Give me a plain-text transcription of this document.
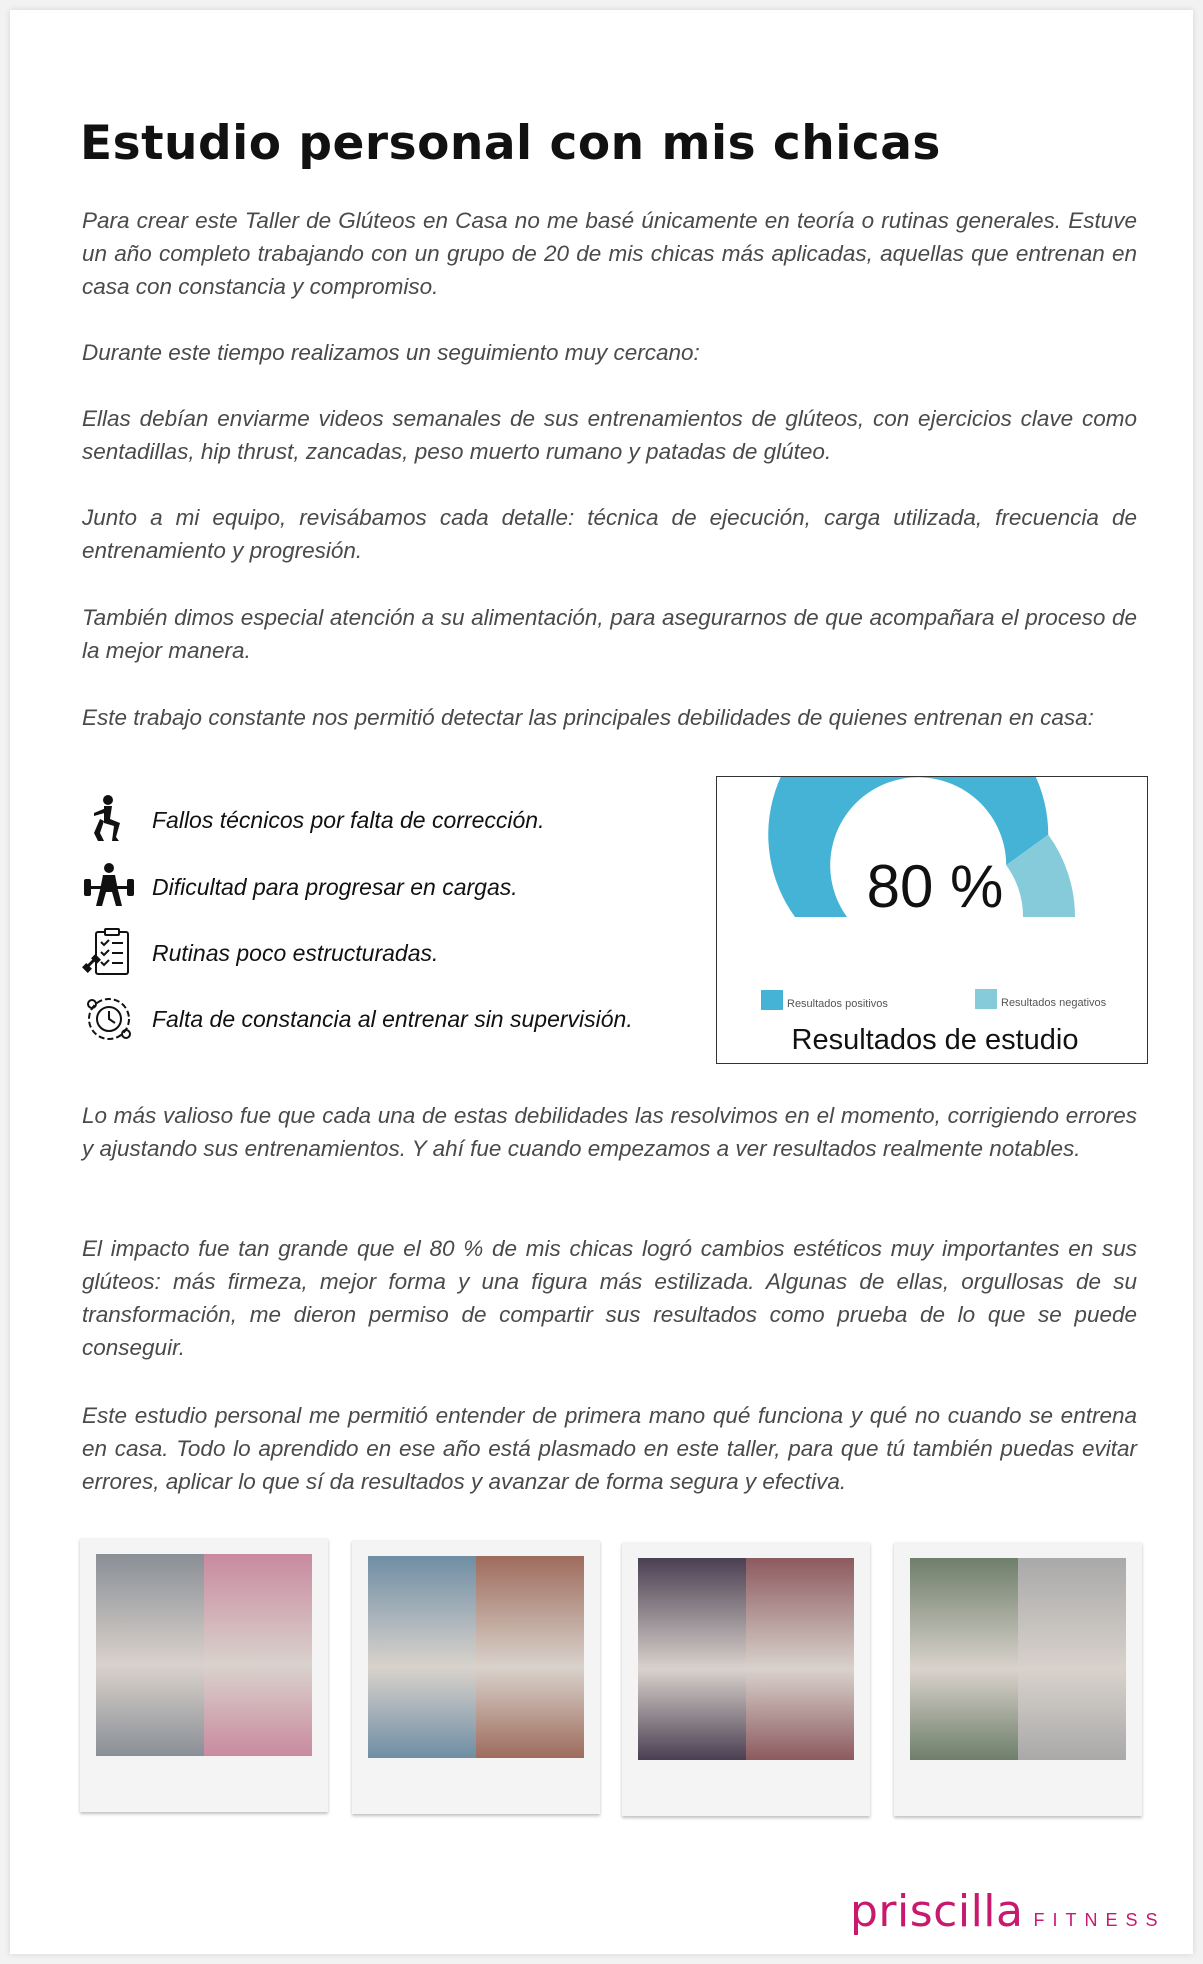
Estudio personal con mis chicas

Para crear este Taller de Glúteos en Casa no me basé únicamente en teoría o rutinas generales. Estuve un año completo trabajando con un grupo de 20 de mis chicas más aplicadas, aquellas que entrenan en casa con constancia y compromiso.

Durante este tiempo realizamos un seguimiento muy cercano:

Ellas debían enviarme videos semanales de sus entrenamientos de glúteos, con ejercicios clave como sentadillas, hip thrust, zancadas, peso muerto rumano y patadas de glúteo.

Junto a mi equipo, revisábamos cada detalle: técnica de ejecución, carga utilizada, frecuencia de entrenamiento y progresión.

También dimos especial atención a su alimentación, para asegurarnos de que acompañara el proceso de la mejor manera.

Este trabajo constante nos permitió detectar las principales debilidades de quienes entrenan en casa:

Fallos técnicos por falta de corrección.
Dificultad para progresar en cargas.
Rutinas poco estructuradas.
Falta de constancia al entrenar sin supervisión.
80 %
Resultados positivos	Resultados negativos
Resultados de estudio

Lo más valioso fue que cada una de estas debilidades las resolvimos en el momento, corrigiendo errores y ajustando sus entrenamientos. Y ahí fue cuando empezamos a ver resultados realmente notables.

El impacto fue tan grande que el 80 % de mis chicas logró cambios estéticos muy importantes en sus glúteos: más firmeza, mejor forma y una figura más estilizada. Algunas de ellas, orgullosas de su transformación, me dieron permiso de compartir sus resultados como prueba de lo que se puede conseguir.

Este estudio personal me permitió entender de primera mano qué funciona y qué no cuando se entrena en casa. Todo lo aprendido en ese año está plasmado en este taller, para que tú también puedas evitar errores, aplicar lo que sí da resultados y avanzar de forma segura y efectiva.

priscilla FITNESS
